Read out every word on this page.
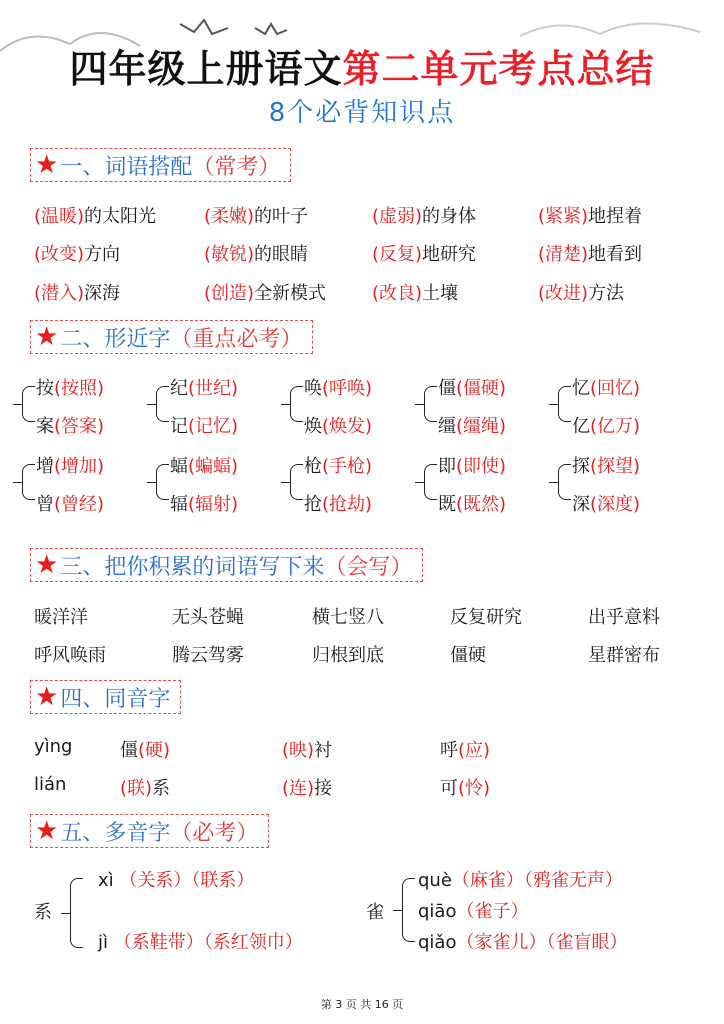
四年级上册语文第二单元考点总结
8个必背知识点
★ 一、词语搭配 （常考）
(温暖)的太阳光	(柔嫩)的叶子	(虚弱)的身体	(紧紧)地捏着
(改变)方向	(敏锐)的眼睛	(反复)地研究	(清楚)地看到
(潜入)深海	(创造)全新模式	(改良)土壤	(改进)方法
★ 二、形近字 （重点必考）
按(按照)
案(答案)
纪(世纪)
记(记忆)
唤(呼唤)
焕(焕发)
僵(僵硬)
缰(缰绳)
忆(回忆)
亿(亿万)
增(增加)
曾(曾经)
蝠(蝙蝠)
辐(辐射)
枪(手枪)
抢(抢劫)
即(即使)
既(既然)
探(探望)
深(深度)
★ 三、把你积累的词语写下来 （会写）
暖洋洋	无头苍蝇	横七竖八	反复研究	出乎意料
呼风唤雨	腾云驾雾	归根到底	僵硬	星群密布
★ 四、同音字
yìng	僵(硬)	(映)衬	呼(应)
lián	(联)系	(连)接	可(怜)
★ 五、多音字 （必考）
系
xì （关系）（联系）
jì （系鞋带）（系红领巾）
雀
què（麻雀）（鸦雀无声）
qiāo（雀子）
qiǎo（家雀儿）（雀盲眼）
第 3 页 共 16 页
